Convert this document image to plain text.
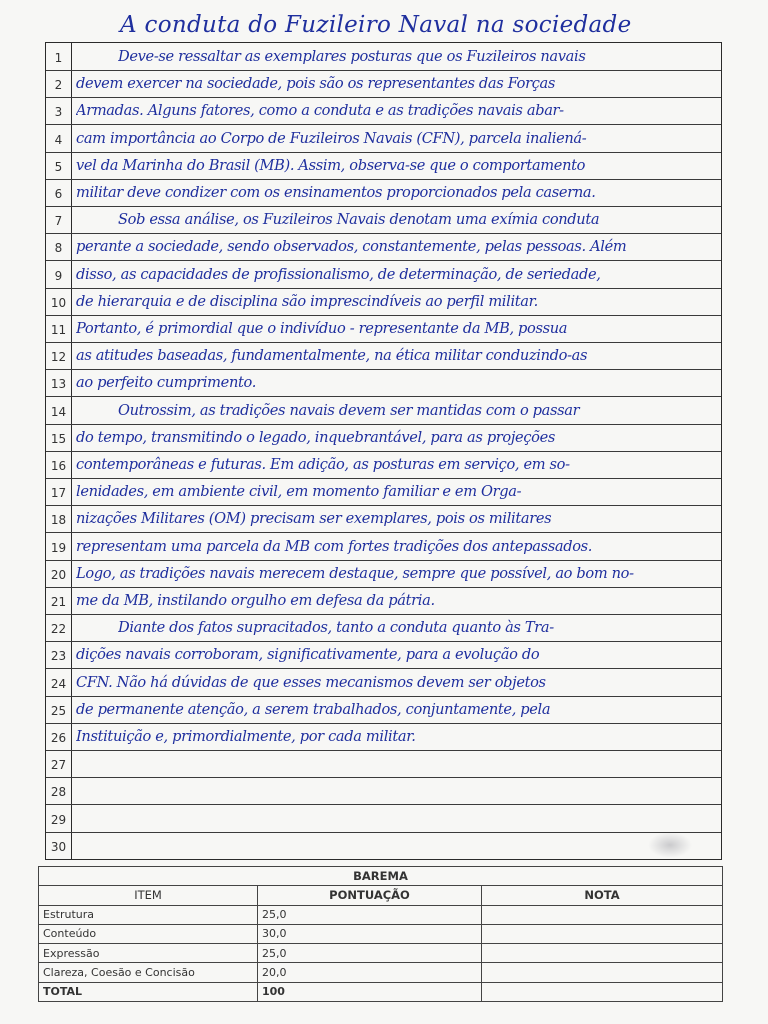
A conduta do Fuzileiro Naval na sociedade
1	Deve-se ressaltar as exemplares posturas que os Fuzileiros navais
2 devem exercer na sociedade, pois são os representantes das Forças
3 Armadas. Alguns fatores, como a conduta e as tradições navais abar-
4 cam importância ao Corpo de Fuzileiros Navais (CFN), parcela inaliená-
5 vel da Marinha do Brasil (MB). Assim, observa-se que o comportamento
6 militar deve condizer com os ensinamentos proporcionados pela caserna.
7	Sob essa análise, os Fuzileiros Navais denotam uma exímia conduta
8 perante a sociedade, sendo observados, constantemente, pelas pessoas. Além
9 disso, as capacidades de profissionalismo, de determinação, de seriedade,
10 de hierarquia e de disciplina são imprescindíveis ao perfil militar.
11 Portanto, é primordial que o indivíduo - representante da MB, possua
12 as atitudes baseadas, fundamentalmente, na ética militar conduzindo-as
13 ao perfeito cumprimento.
14	Outrossim, as tradições navais devem ser mantidas com o passar
15 do tempo, transmitindo o legado, inquebrantável, para as projeções
16 contemporâneas e futuras. Em adição, as posturas em serviço, em so-
17 lenidades, em ambiente civil, em momento familiar e em Orga-
18 nizações Militares (OM) precisam ser exemplares, pois os militares
19 representam uma parcela da MB com fortes tradições dos antepassados.
20 Logo, as tradições navais merecem destaque, sempre que possível, ao bom no-
21 me da MB, instilando orgulho em defesa da pátria.
22	Diante dos fatos supracitados, tanto a conduta quanto às Tra-
23 dições navais corroboram, significativamente, para a evolução do
24 CFN. Não há dúvidas de que esses mecanismos devem ser objetos
25 de permanente atenção, a serem trabalhados, conjuntamente, pela
26 Instituição e, primordialmente, por cada militar.
27
28
29
30
BAREMA		
ITEM	PONTUAÇÃO	NOTA
Estrutura	25,0	
Conteúdo	30,0	
Expressão	25,0	
Clareza, Coesão e Concisão	20,0	
TOTAL	100	
